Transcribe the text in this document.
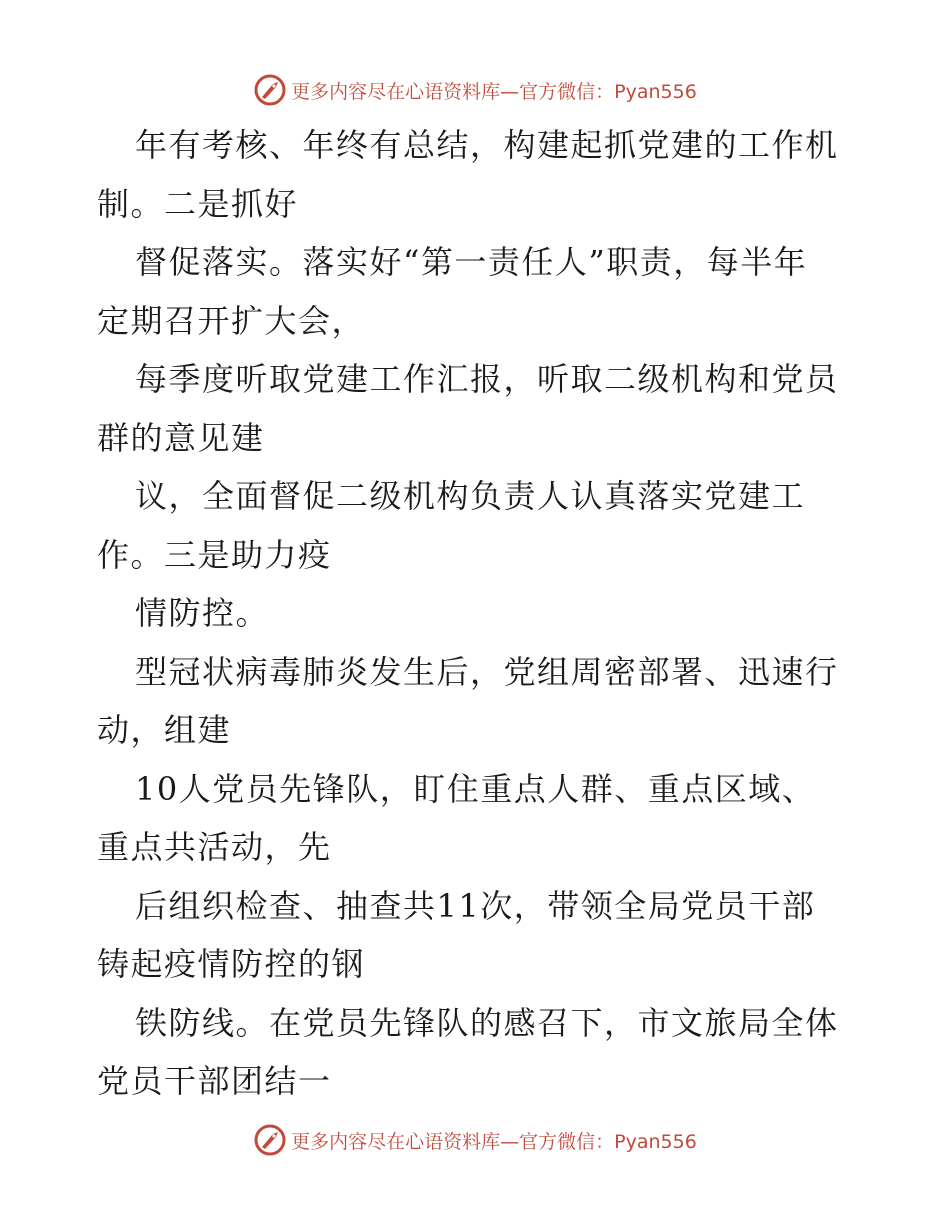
更多内容尽在心语资料库—官方微信：Pyan556
年有考核、年终有总结，构建起抓党建的工作机
制。二是抓好
督促落实。落实好“第一责任人”职责，每半年
定期召开扩大会，
每季度听取党建工作汇报，听取二级机构和党员
群的意见建
议，全面督促二级机构负责人认真落实党建工
作。三是助力疫
情防控。
型冠状病毒肺炎发生后，党组周密部署、迅速行
动，组建
10人党员先锋队，盯住重点人群、重点区域、
重点共活动，先
后组织检查、抽查共11次，带领全局党员干部
铸起疫情防控的钢
铁防线。在党员先锋队的感召下，市文旅局全体
党员干部团结一
更多内容尽在心语资料库—官方微信：Pyan556
